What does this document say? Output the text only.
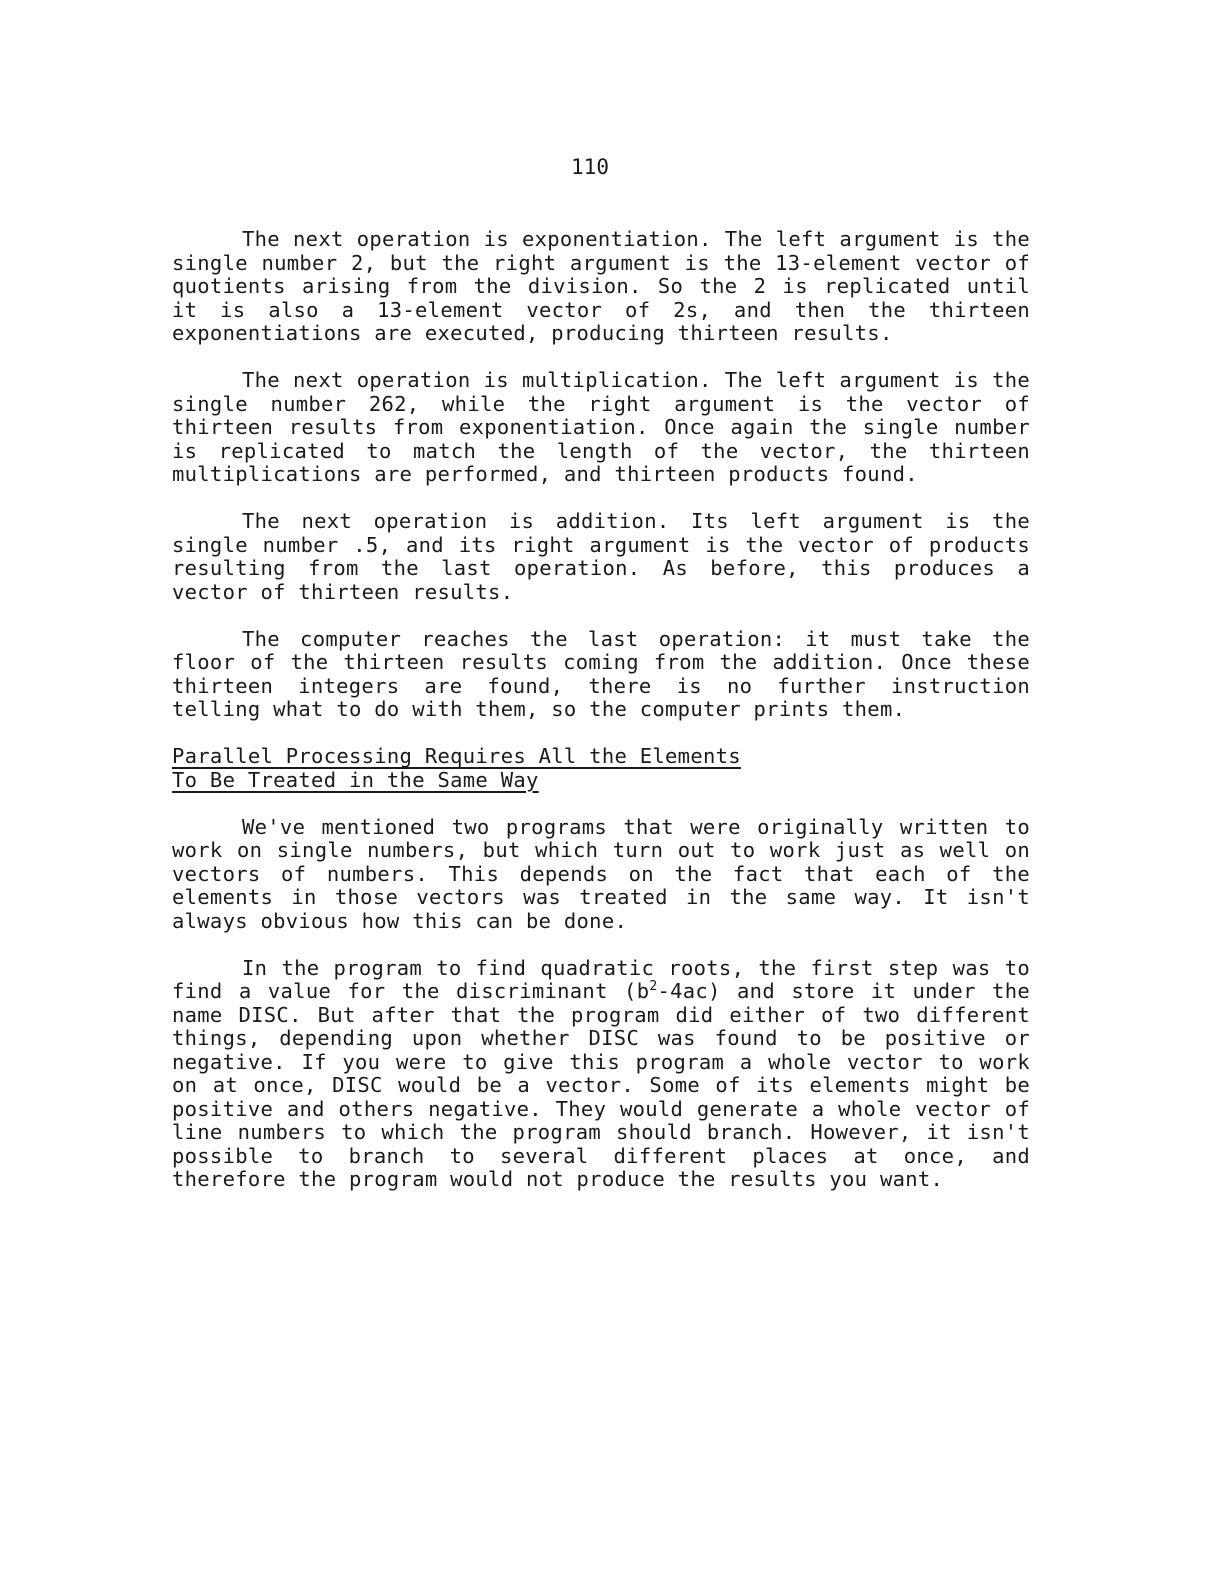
110

The next operation is exponentiation. The left argument is the single number 2, but the right argument is the 13-element vector of quotients arising from the division. So the 2 is replicated until it is also a 13-element vector of 2s, and then the thirteen exponentiations are executed, producing thirteen results.

The next operation is multiplication. The left argument is the single number 262, while the right argument is the vector of thirteen results from exponentiation. Once again the single number is replicated to match the length of the vector, the thirteen multiplications are performed, and thirteen products found.

The next operation is addition. Its left argument is the single number .5, and its right argument is the vector of products resulting from the last operation. As before, this produces a vector of thirteen results.

The computer reaches the last operation: it must take the floor of the thirteen results coming from the addition. Once these thirteen integers are found, there is no further instruction telling what to do with them, so the computer prints them.

Parallel Processing Requires All the Elements
To Be Treated in the Same Way

We've mentioned two programs that were originally written to work on single numbers, but which turn out to work just as well on vectors of numbers. This depends on the fact that each of the elements in those vectors was treated in the same way. It isn't always obvious how this can be done.

In the program to find quadratic roots, the first step was to find a value for the discriminant $(b^2-4ac)$ and store it under the name DISC. But after that the program did either of two different things, depending upon whether DISC was found to be positive or negative. If you were to give this program a whole vector to work on at once, DISC would be a vector. Some of its elements might be positive and others negative. They would generate a whole vector of line numbers to which the program should branch. However, it isn't possible to branch to several different places at once, and therefore the program would not produce the results you want.
